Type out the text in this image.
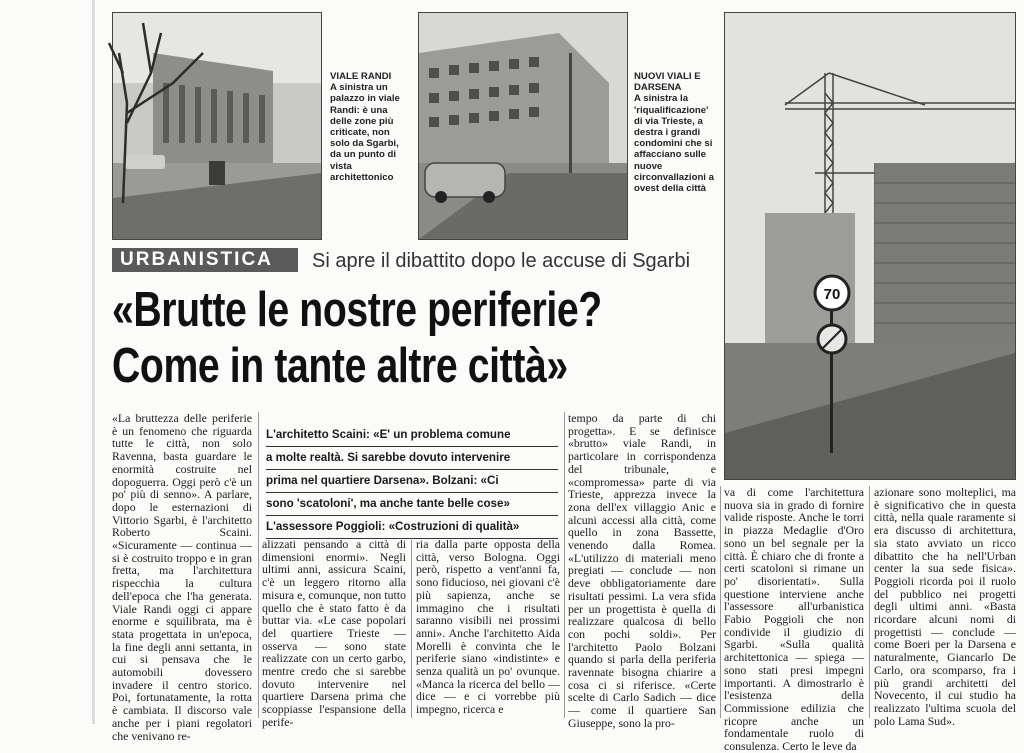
VIALE RANDI
A sinistra un palazzo in viale Randi: è una delle zone più criticate, non solo da Sgarbi, da un punto di vista architettonico
NUOVI VIALI E DARSENA
A sinistra la 'riqualificazione' di via Trieste, a destra i grandi condomini che si affacciano sulle nuove circonvallazioni a ovest della città
70
URBANISTICA	Si apre il dibattito dopo le accuse di Sgarbi
«Brutte le nostre periferie?
Come in tante altre città»
«La bruttezza delle periferie è un fenomeno che riguarda tutte le città, non solo Ravenna, basta guardare le enormità costruite nel dopoguerra. Oggi però c'è un po' più di senno». A parlare, dopo le esternazioni di Vittorio Sgarbi, è l'architetto Roberto Scaini. «Sicuramente — continua — si è costruito troppo e in gran fretta, ma l'architettura rispecchia la cultura dell'epoca che l'ha generata. Viale Randi oggi ci appare enorme e squilibrata, ma è stata progettata in un'epoca, la fine degli anni settanta, in cui si pensava che le automobili dovessero invadere il centro storico. Poi, fortunatamente, la rotta è cambiata. Il discorso vale anche per i piani regolatori che venivano re-
L'architetto Scaini: «E' un problema comune
a molte realtà. Si sarebbe dovuto intervenire
prima nel quartiere Darsena». Bolzani: «Ci
sono 'scatoloni', ma anche tante belle cose»
L'assessore Poggioli: «Costruzioni di qualità»
alizzati pensando a città di dimensioni enormi». Negli ultimi anni, assicura Scaini, c'è un leggero ritorno alla misura e, comunque, non tutto quello che è stato fatto è da buttar via. «Le case popolari del quartiere Trieste — osserva — sono state realizzate con un certo garbo, mentre credo che si sarebbe dovuto intervenire nel quartiere Darsena prima che scoppiasse l'espansione della perife-
ria dalla parte opposta della città, verso Bologna. Oggi però, rispetto a vent'anni fa, sono fiducioso, nei giovani c'è più sapienza, anche se immagino che i risultati saranno visibili nei prossimi anni». Anche l'architetto Aida Morelli è convinta che le periferie siano «indistinte» e senza qualità un po' ovunque. «Manca la ricerca del bello — dice — e ci vorrebbe più impegno, ricerca e
tempo da parte di chi progetta». E se definisce «brutto» viale Randi, in particolare in corrispondenza del tribunale, e «compromessa» parte di via Trieste, apprezza invece la zona dell'ex villaggio Anic e alcuni accessi alla città, come quello in zona Bassette, venendo dalla Romea. «L'utilizzo di materiali meno pregiati — conclude — non deve obbligatoriamente dare risultati pessimi. La vera sfida per un progettista è quella di realizzare qualcosa di bello con pochi soldi». Per l'architetto Paolo Bolzani quando si parla della periferia ravennate bisogna chiarire a cosa ci si riferisce. «Certe scelte di Carlo Sadich — dice — come il quartiere San Giuseppe, sono la pro-
va di come l'architettura nuova sia in grado di fornire valide risposte. Anche le torri in piazza Medaglie d'Oro sono un bel segnale per la città. È chiaro che di fronte a certi scatoloni si rimane un po' disorientati». Sulla questione interviene anche l'assessore all'urbanistica Fabio Poggioli che non condivide il giudizio di Sgarbi. «Sulla qualità architettonica — spiega — sono stati presi impegni importanti. A dimostrarlo è l'esistenza della Commissione edilizia che ricopre anche un fondamentale ruolo di consulenza. Certo le leve da
azionare sono molteplici, ma è significativo che in questa città, nella quale raramente si era discusso di architettura, sia stato avviato un ricco dibattito che ha nell'Urban center la sua sede fisica». Poggioli ricorda poi il ruolo del pubblico nei progetti degli ultimi anni. «Basta ricordare alcuni nomi di progettisti — conclude — come Boeri per la Darsena e naturalmente, Giancarlo De Carlo, ora scomparso, fra i più grandi architetti del Novecento, il cui studio ha realizzato l'ultima scuola del polo Lama Sud».
